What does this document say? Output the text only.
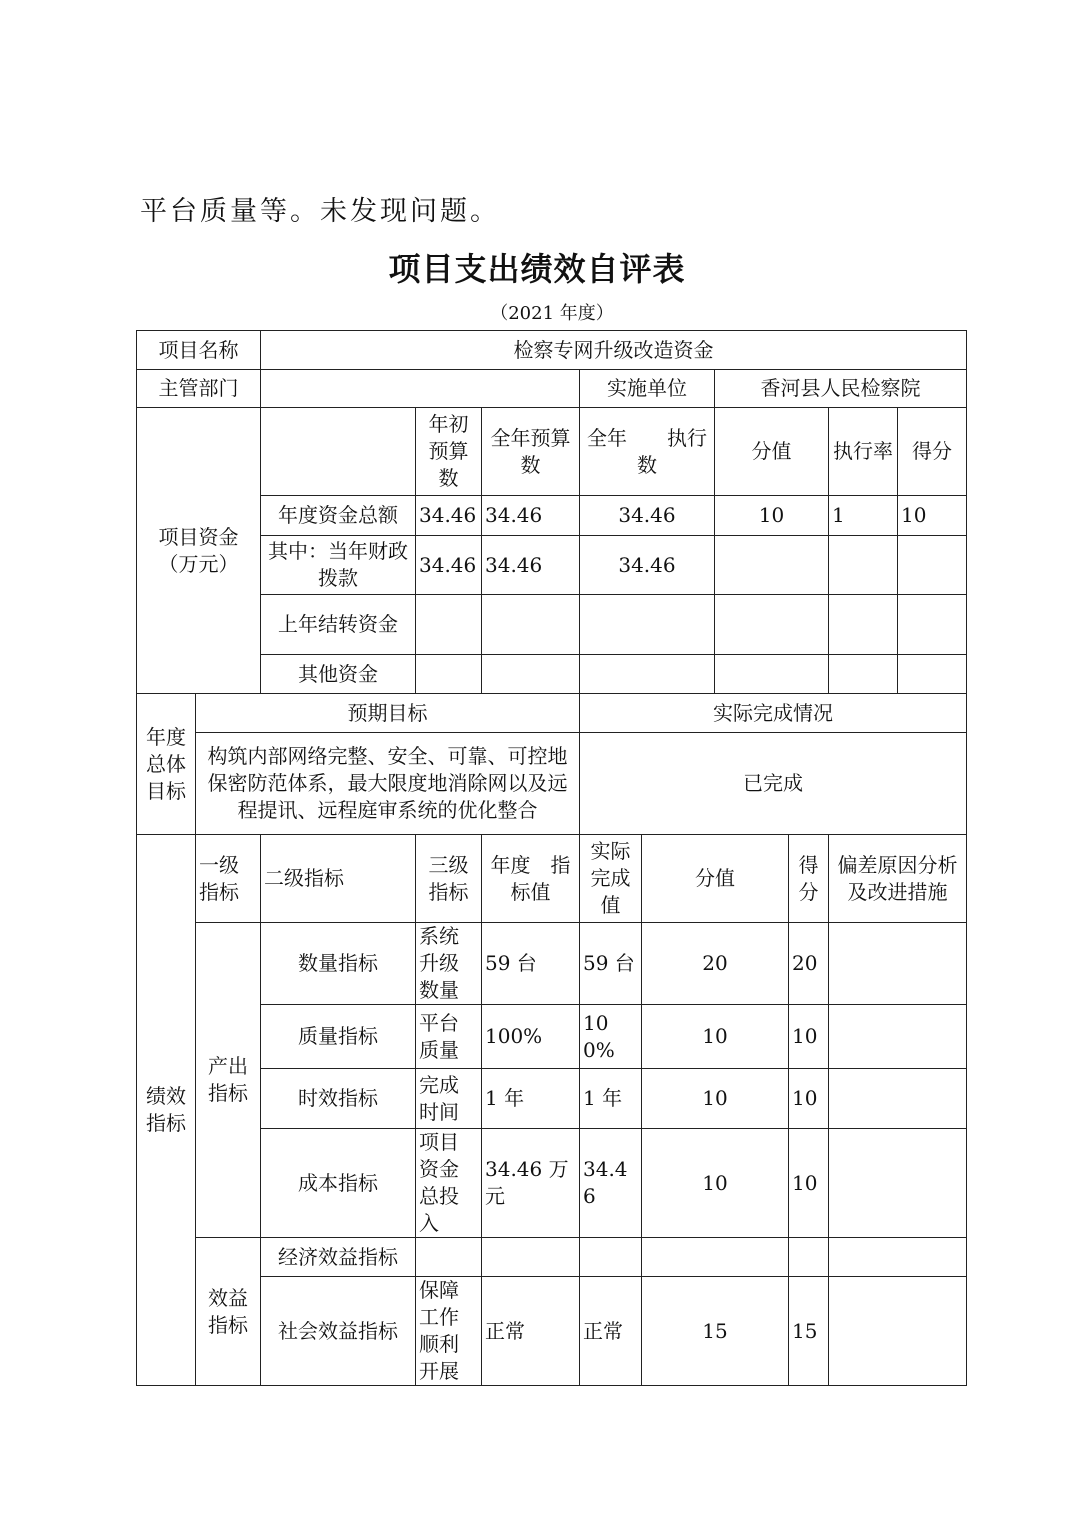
平台质量等。未发现问题。
项目支出绩效自评表
（2021 年度）
项目名称		检察专网升级改造资金								
主管部门					实施单位		香河县人民检察院			
项目资金（万元）			年初预算数	全年预算数	全年　　执行数		分值		执行率	得分
		年度资金总额	34.46	34.46	34.46		10		1	10
		其中：当年财政拨款	34.46	34.46	34.46					
		上年结转资金								
		其他资金								
年度总体目标	预期目标				实际完成情况					
	构筑内部网络完整、安全、可靠、可控地保密防范体系，最大限度地消除网以及远程提讯、远程庭审系统的优化整合				已完成					
绩效指标	一级指标	二级指标	三级指标	年度　指标值	实际完成值	分值		得分	偏差原因分析及改进措施	
	产出指标	数量指标	系统升级数量	59 台	59 台	20		20		
		质量指标	平台质量	100%	100%	10		10		
		时效指标	完成时间	1 年	1 年	10		10		
		成本指标	项目资金总投入	34.46 万元	34.46	10		10		
	效益指标	经济效益指标								
		社会效益指标	保障工作顺利开展	正常	正常	15		15		
